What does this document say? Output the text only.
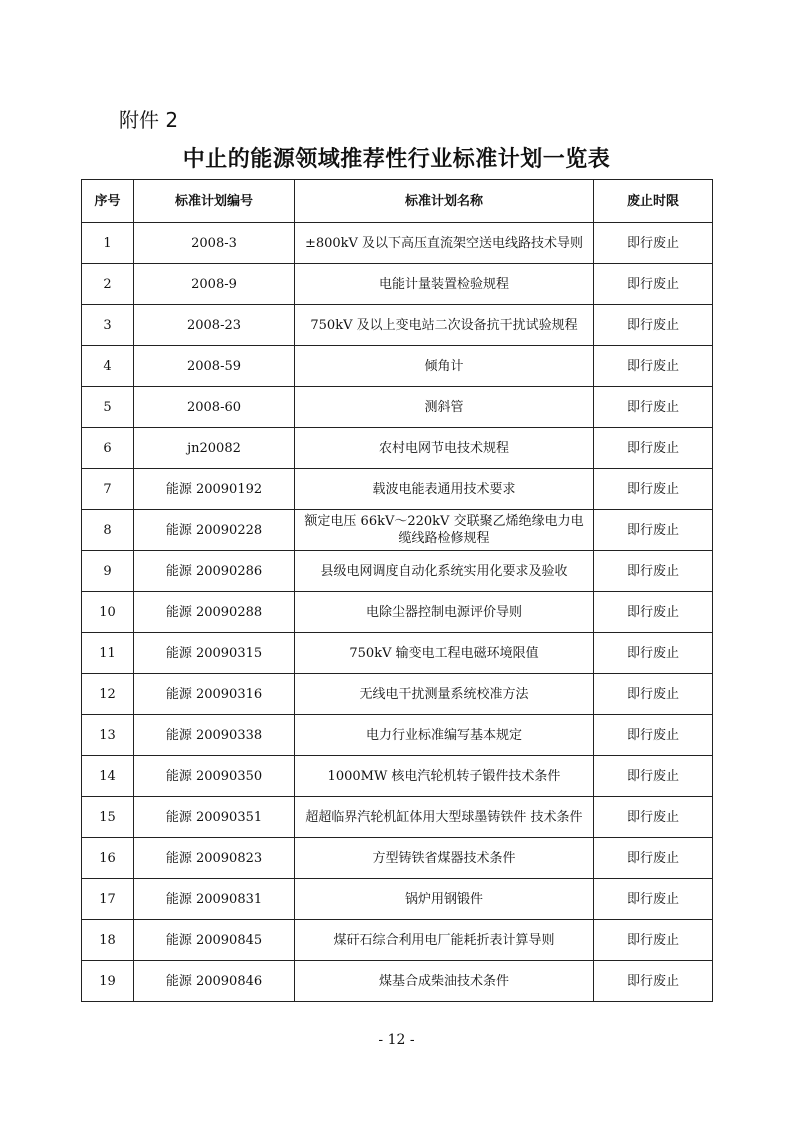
附件 2
中止的能源领域推荐性行业标准计划一览表
序号	标准计划编号	标准计划名称	废止时限
1	2008-3	±800kV 及以下高压直流架空送电线路技术导则	即行废止
2	2008-9	电能计量装置检验规程	即行废止
3	2008-23	750kV 及以上变电站二次设备抗干扰试验规程	即行废止
4	2008-59	倾角计	即行废止
5	2008-60	测斜管	即行废止
6	jn20082	农村电网节电技术规程	即行废止
7	能源 20090192	载波电能表通用技术要求	即行废止
8	能源 20090228	额定电压 66kV～220kV 交联聚乙烯绝缘电力电缆线路检修规程	即行废止
9	能源 20090286	县级电网调度自动化系统实用化要求及验收	即行废止
10	能源 20090288	电除尘器控制电源评价导则	即行废止
11	能源 20090315	750kV 输变电工程电磁环境限值	即行废止
12	能源 20090316	无线电干扰测量系统校准方法	即行废止
13	能源 20090338	电力行业标准编写基本规定	即行废止
14	能源 20090350	1000MW 核电汽轮机转子锻件技术条件	即行废止
15	能源 20090351	超超临界汽轮机缸体用大型球墨铸铁件 技术条件	即行废止
16	能源 20090823	方型铸铁省煤器技术条件	即行废止
17	能源 20090831	锅炉用钢锻件	即行废止
18	能源 20090845	煤矸石综合利用电厂能耗折表计算导则	即行废止
19	能源 20090846	煤基合成柴油技术条件	即行废止
- 12 -
